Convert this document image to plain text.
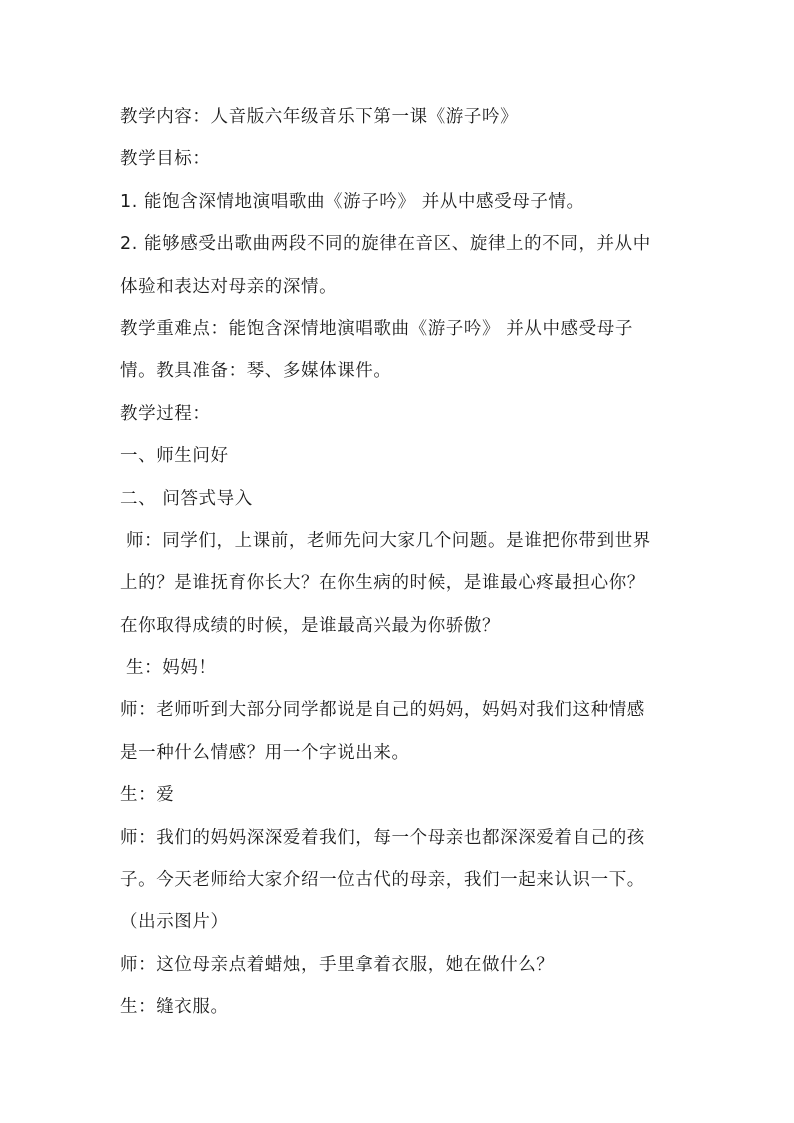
教学内容：人音版六年级音乐下第一课《游子吟》
教学目标：
1. 能饱含深情地演唱歌曲《游子吟》 并从中感受母子情。
2. 能够感受出歌曲两段不同的旋律在音区、旋律上的不同，并从中
体验和表达对母亲的深情。
教学重难点：能饱含深情地演唱歌曲《游子吟》 并从中感受母子
情。教具准备：琴、多媒体课件。
教学过程：
一、师生问好
二、 问答式导入
师：同学们，上课前，老师先问大家几个问题。是谁把你带到世界
上的？是谁抚育你长大？在你生病的时候，是谁最心疼最担心你？
在你取得成绩的时候，是谁最高兴最为你骄傲？
生：妈妈！
师：老师听到大部分同学都说是自己的妈妈，妈妈对我们这种情感
是一种什么情感？用一个字说出来。
生：爱
师：我们的妈妈深深爱着我们，每一个母亲也都深深爱着自己的孩
子。今天老师给大家介绍一位古代的母亲，我们一起来认识一下。
（出示图片）
师：这位母亲点着蜡烛，手里拿着衣服，她在做什么？
生：缝衣服。
